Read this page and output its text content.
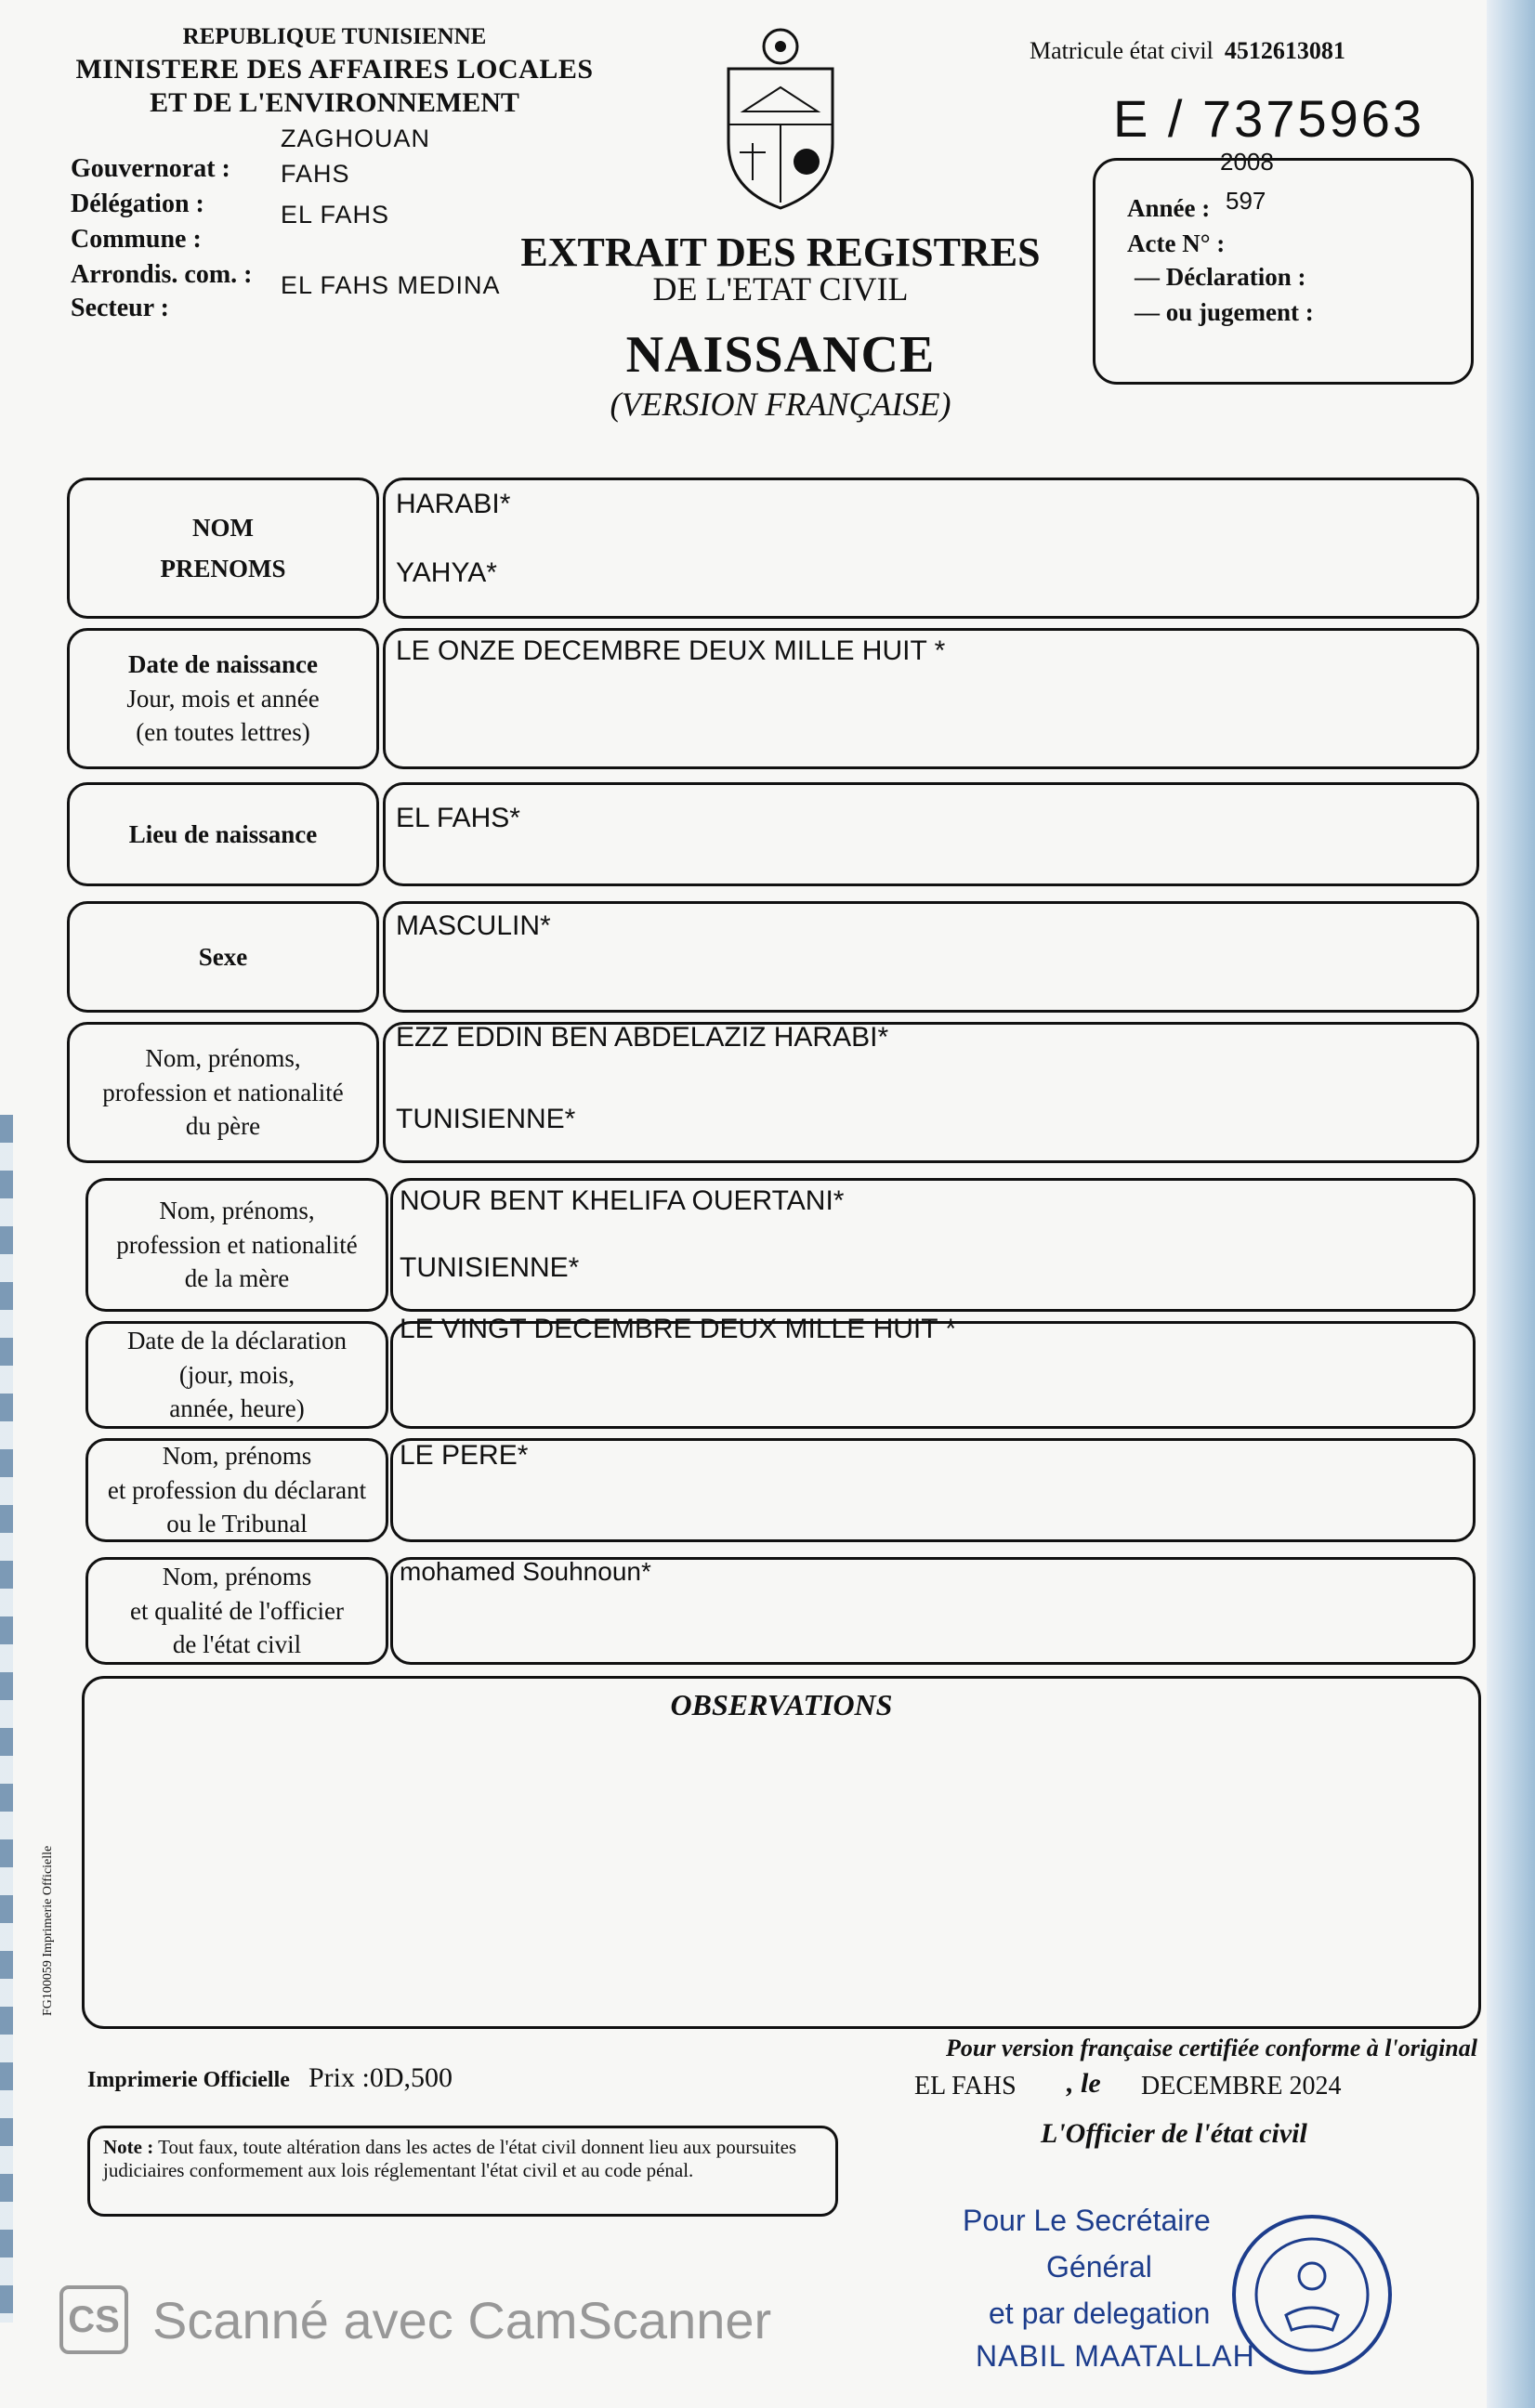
REPUBLIQUE TUNISIENNE
MINISTERE DES AFFAIRES LOCALES
ET DE L'ENVIRONNEMENT
ZAGHOUAN
Gouvernorat : FAHS
Délégation :	EL FAHS
Commune :
Arrondis. com. : EL FAHS MEDINA
Secteur :
Matricule état civil 4512613081
E / 7375963
2008
Année : 597
Acte N° :
— Déclaration :
— ou jugement :
EXTRAIT DES REGISTRES
DE L'ETAT CIVIL
NAISSANCE
(VERSION FRANÇAISE)
NOM
PRENOMS
HARABI*
YAHYA*
Date de naissance
Jour, mois et année
(en toutes lettres)
LE ONZE DECEMBRE DEUX MILLE HUIT *
Lieu de naissance
EL FAHS*
Sexe
MASCULIN*
Nom, prénoms,
profession et nationalité
du père
EZZ EDDIN BEN ABDELAZIZ HARABI*
TUNISIENNE*
Nom, prénoms,
profession et nationalité
de la mère
NOUR BENT KHELIFA OUERTANI*
TUNISIENNE*
Date de la déclaration
(jour, mois,
année, heure)
LE VINGT DECEMBRE DEUX MILLE HUIT *
Nom, prénoms
et profession du déclarant
ou le Tribunal
LE PERE*
Nom, prénoms
et qualité de l'officier
de l'état civil
mohamed Souhnoun*
OBSERVATIONS
FG100059 Imprimerie Officielle
Imprimerie Officielle Prix :0D,500
Pour version française certifiée conforme à l'original
EL FAHS , le DECEMBRE 2024
L'Officier de l'état civil
Note : Tout faux, toute altération dans les actes de l'état civil donnent lieu aux poursuites judiciaires conformement aux lois réglementant l'état civil et au code pénal.
Pour Le Secrétaire
Général
et par delegation
NABIL MAATALLAH
CS Scanné avec CamScanner
